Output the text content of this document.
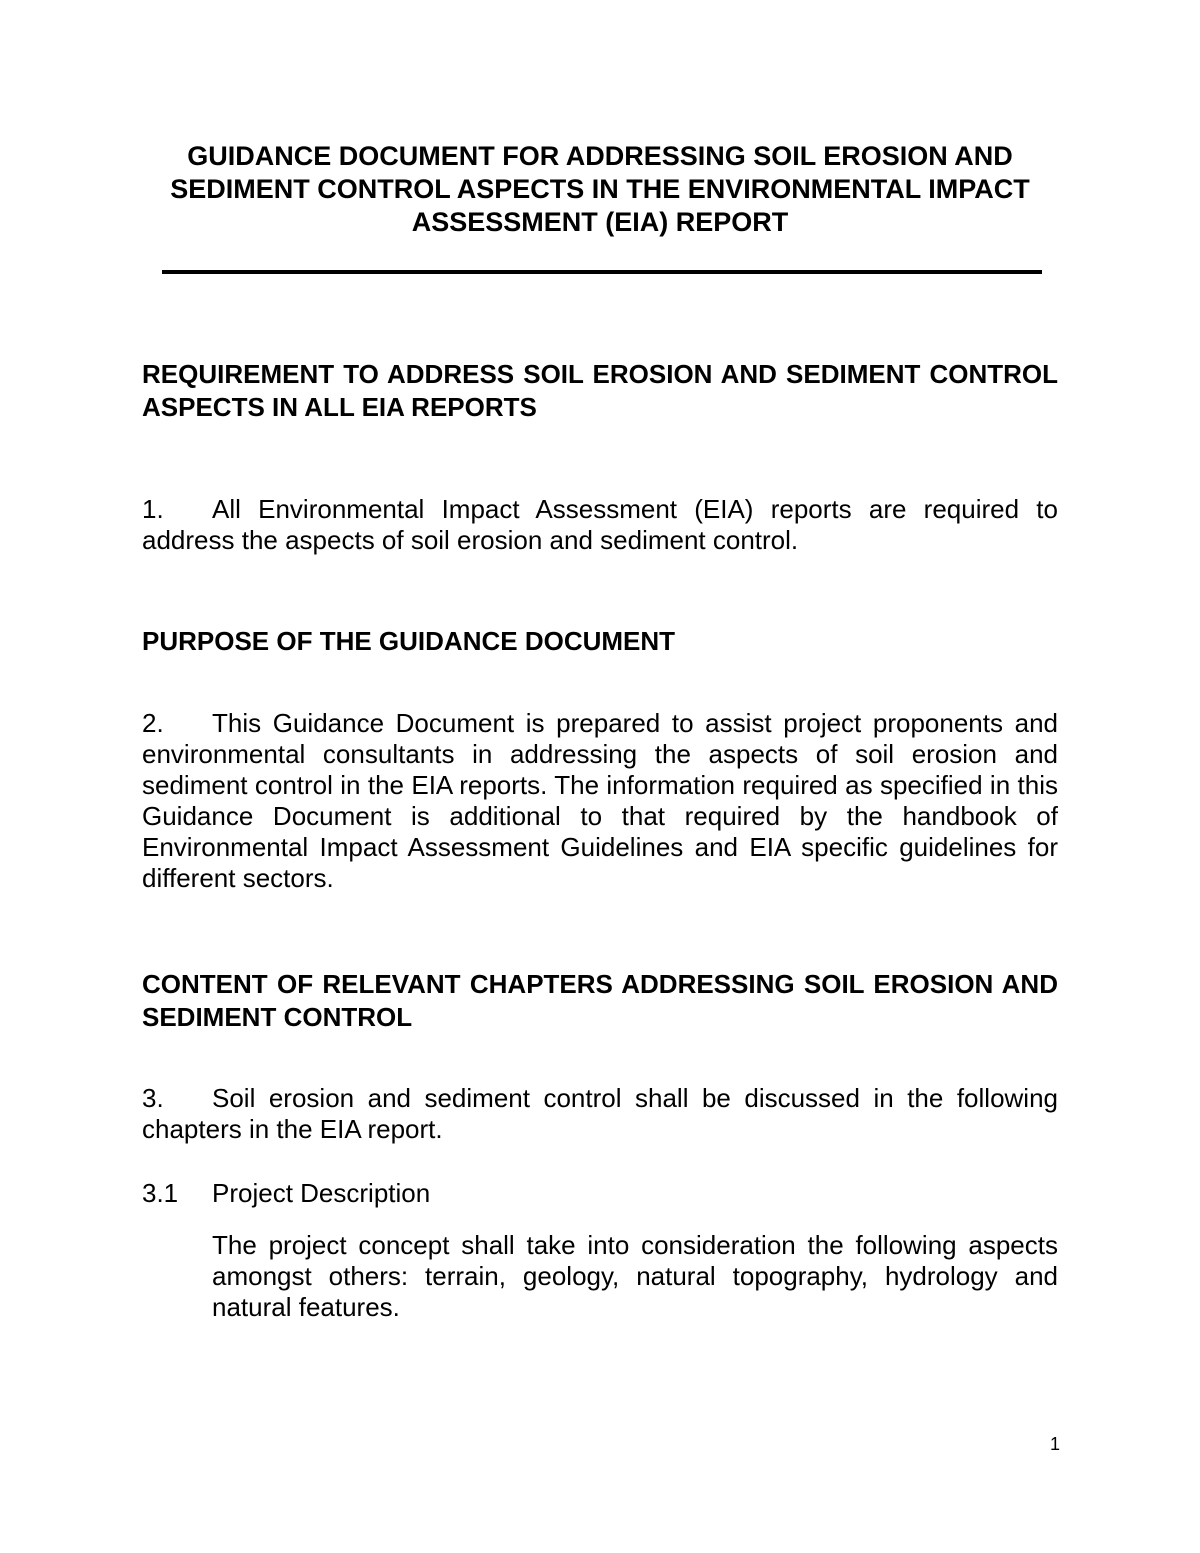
GUIDANCE DOCUMENT FOR ADDRESSING SOIL EROSION AND
SEDIMENT CONTROL ASPECTS IN THE ENVIRONMENTAL IMPACT
ASSESSMENT (EIA) REPORT
REQUIREMENT TO ADDRESS SOIL EROSION AND SEDIMENT CONTROL ASPECTS IN ALL EIA REPORTS
1. All Environmental Impact Assessment (EIA) reports are required to address the aspects of soil erosion and sediment control.
PURPOSE OF THE GUIDANCE DOCUMENT
2. This Guidance Document is prepared to assist project proponents and environmental consultants in addressing the aspects of soil erosion and sediment control in the EIA reports. The information required as specified in this Guidance Document is additional to that required by the handbook of Environmental Impact Assessment Guidelines and EIA specific guidelines for different sectors.
CONTENT OF RELEVANT CHAPTERS ADDRESSING SOIL EROSION AND SEDIMENT CONTROL
3. Soil erosion and sediment control shall be discussed in the following chapters in the EIA report.
3.1 Project Description
The project concept shall take into consideration the following aspects amongst others: terrain, geology, natural topography, hydrology and natural features.
1
